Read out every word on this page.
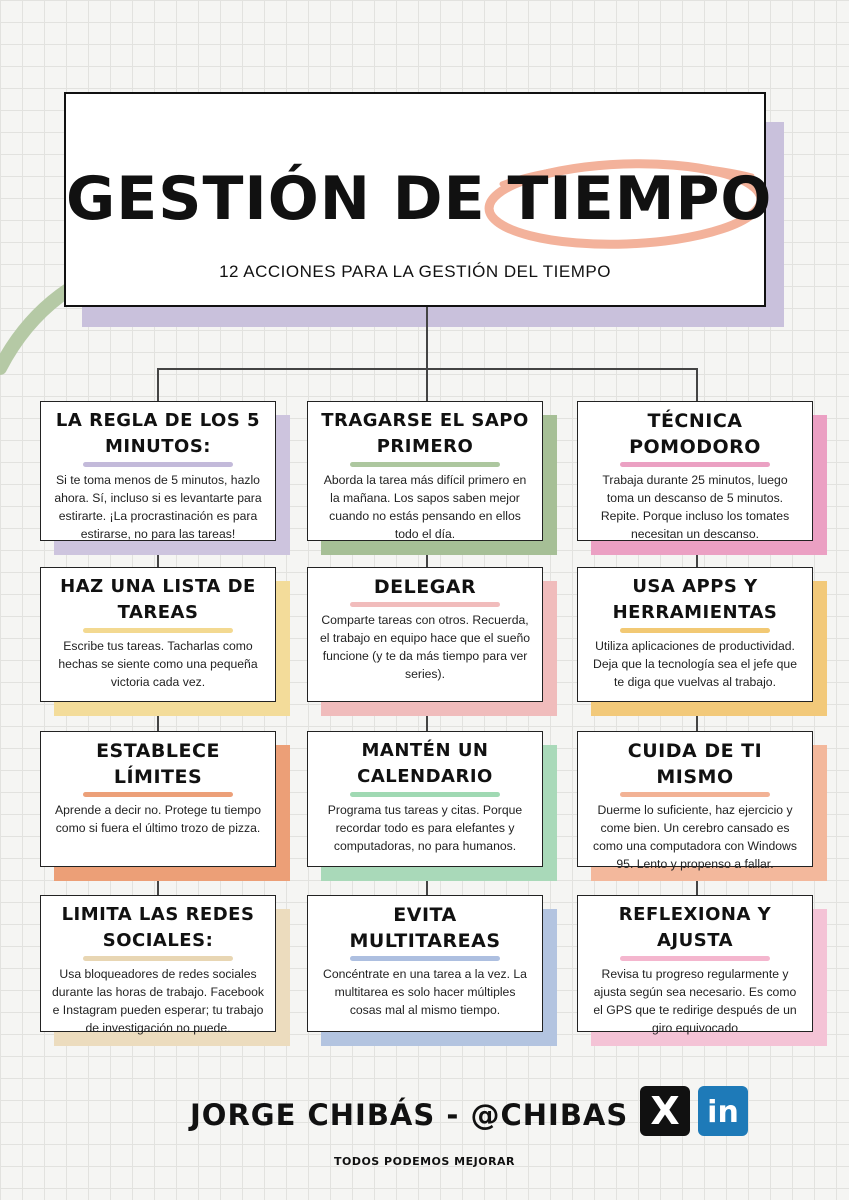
GESTIÓN DE TIEMPO
12 ACCIONES PARA LA GESTIÓN DEL TIEMPO
LA REGLA DE LOS 5 MINUTOS:
Si te toma menos de 5 minutos, hazlo ahora. Sí, incluso si es levantarte para estirarte. ¡La procrastinación es para estirarse, no para las tareas!
TRAGARSE EL SAPO PRIMERO
Aborda la tarea más difícil primero en la mañana. Los sapos saben mejor cuando no estás pensando en ellos todo el día.
TÉCNICA POMODORO
Trabaja durante 25 minutos, luego toma un descanso de 5 minutos. Repite. Porque incluso los tomates necesitan un descanso.
HAZ UNA LISTA DE TAREAS
Escribe tus tareas. Tacharlas como hechas se siente como una pequeña victoria cada vez.
DELEGAR
Comparte tareas con otros. Recuerda, el trabajo en equipo hace que el sueño funcione (y te da más tiempo para ver series).
USA APPS Y HERRAMIENTAS
Utiliza aplicaciones de productividad. Deja que la tecnología sea el jefe que te diga que vuelvas al trabajo.
ESTABLECE LÍMITES
Aprende a decir no. Protege tu tiempo como si fuera el último trozo de pizza.
MANTÉN UN CALENDARIO
Programa tus tareas y citas. Porque recordar todo es para elefantes y computadoras, no para humanos.
CUIDA DE TI MISMO
Duerme lo suficiente, haz ejercicio y come bien. Un cerebro cansado es como una computadora con Windows 95. Lento y propenso a fallar.
LIMITA LAS REDES SOCIALES:
Usa bloqueadores de redes sociales durante las horas de trabajo. Facebook e Instagram pueden esperar; tu trabajo de investigación no puede.
EVITA MULTITAREAS
Concéntrate en una tarea a la vez. La multitarea es solo hacer múltiples cosas mal al mismo tiempo.
REFLEXIONA Y AJUSTA
Revisa tu progreso regularmente y ajusta según sea necesario. Es como el GPS que te redirige después de un giro equivocado
JORGE CHIBÁS - @CHIBAS X in
TODOS PODEMOS MEJORAR
